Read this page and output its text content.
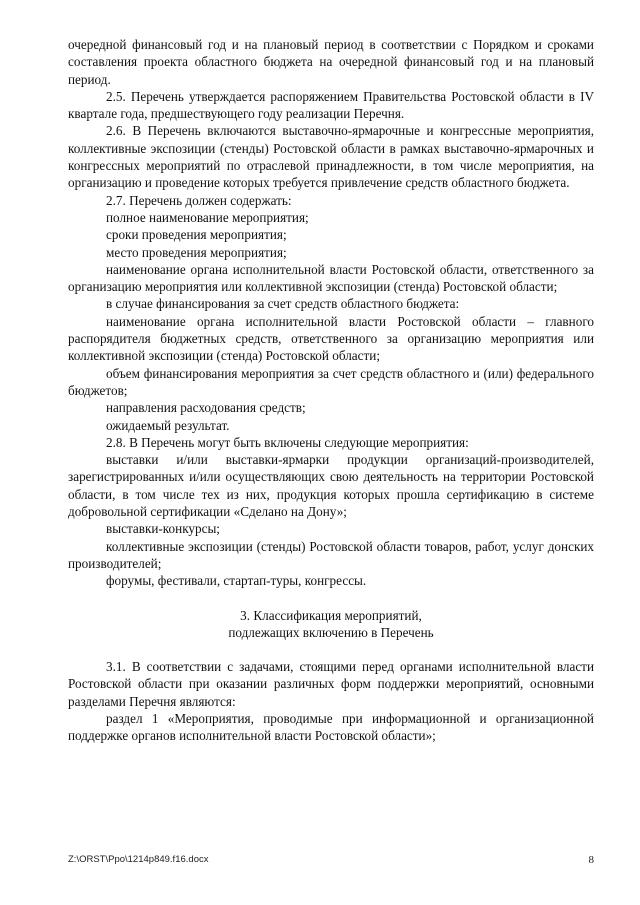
очередной финансовый год и на плановый период в соответствии с Порядком и сроками составления проекта областного бюджета на очередной финансовый год и на плановый период.

2.5. Перечень утверждается распоряжением Правительства Ростовской области в IV квартале года, предшествующего году реализации Перечня.

2.6. В Перечень включаются выставочно-ярмарочные и конгрессные мероприятия, коллективные экспозиции (стенды) Ростовской области в рамках выставочно-ярмарочных и конгрессных мероприятий по отраслевой принадлежности, в том числе мероприятия, на организацию и проведение которых требуется привлечение средств областного бюджета.

2.7. Перечень должен содержать:

полное наименование мероприятия;

сроки проведения мероприятия;

место проведения мероприятия;

наименование органа исполнительной власти Ростовской области, ответственного за организацию мероприятия или коллективной экспозиции (стенда) Ростовской области;

в случае финансирования за счет средств областного бюджета:

наименование органа исполнительной власти Ростовской области – главного распорядителя бюджетных средств, ответственного за организацию мероприятия или коллективной экспозиции (стенда) Ростовской области;

объем финансирования мероприятия за счет средств областного и (или) федерального бюджетов;

направления расходования средств;

ожидаемый результат.

2.8. В Перечень могут быть включены следующие мероприятия:

выставки и/или выставки-ярмарки продукции организаций-производителей, зарегистрированных и/или осуществляющих свою деятельность на территории Ростовской области, в том числе тех из них, продукция которых прошла сертификацию в системе добровольной сертификации «Сделано на Дону»;

выставки-конкурсы;

коллективные экспозиции (стенды) Ростовской области товаров, работ, услуг донских производителей;

форумы, фестивали, стартап-туры, конгрессы.

3. Классификация мероприятий,
подлежащих включению в Перечень

3.1. В соответствии с задачами, стоящими перед органами исполнительной власти Ростовской области при оказании различных форм поддержки мероприятий, основными разделами Перечня являются:

раздел 1 «Мероприятия, проводимые при информационной и организационной поддержке органов исполнительной власти Ростовской области»;

Z:\ORST\Ppo\1214p849.f16.docx	8
